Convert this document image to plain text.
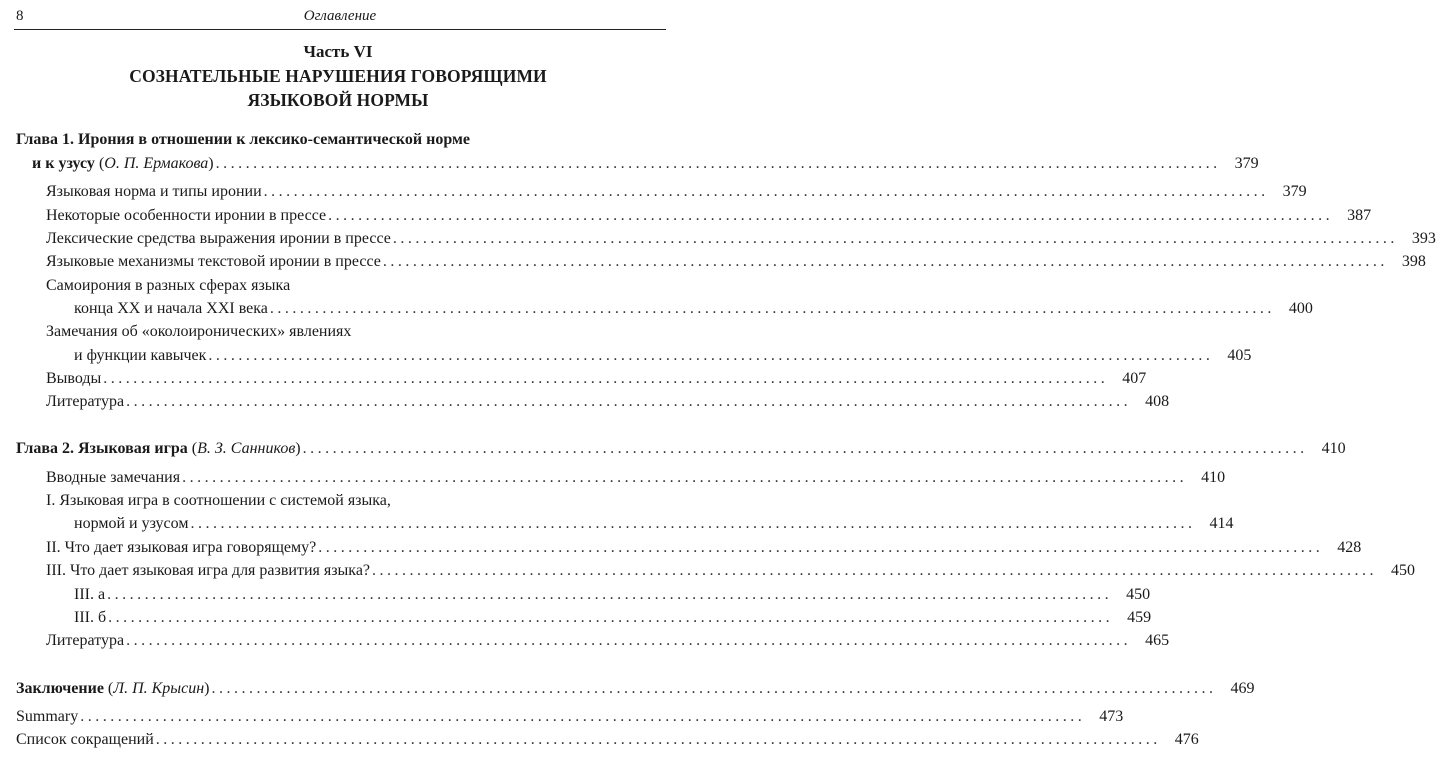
8	Оглавление
Часть VI
СОЗНАТЕЛЬНЫЕ НАРУШЕНИЯ ГОВОРЯЩИМИ
ЯЗЫКОВОЙ НОРМЫ
Глава 1. Ирония в отношении к лексико-семантической норме
и к узусу (О. П. Ермакова) ...................................................................................................................................... 379
Языковая норма и типы иронии ...................................................................................................................................... 379
Некоторые особенности иронии в прессе ...................................................................................................................................... 387
Лексические средства выражения иронии в прессе ...................................................................................................................................... 393
Языковые механизмы текстовой иронии в прессе ...................................................................................................................................... 398
Самоирония в разных сферах языка
конца XX и начала XXI века ...................................................................................................................................... 400
Замечания об «околоиронических» явлениях
и функции кавычек ...................................................................................................................................... 405
Выводы ...................................................................................................................................... 407
Литература ...................................................................................................................................... 408
Глава 2. Языковая игра (В. З. Санников) ...................................................................................................................................... 410
Вводные замечания ...................................................................................................................................... 410
I. Языковая игра в соотношении с системой языка,
нормой и узусом ...................................................................................................................................... 414
II. Что дает языковая игра говорящему? ...................................................................................................................................... 428
III. Что дает языковая игра для развития языка? ...................................................................................................................................... 450
III. а ...................................................................................................................................... 450
III. б ...................................................................................................................................... 459
Литература ...................................................................................................................................... 465
Заключение (Л. П. Крысин) ...................................................................................................................................... 469
Summary ...................................................................................................................................... 473
Список сокращений ...................................................................................................................................... 476
